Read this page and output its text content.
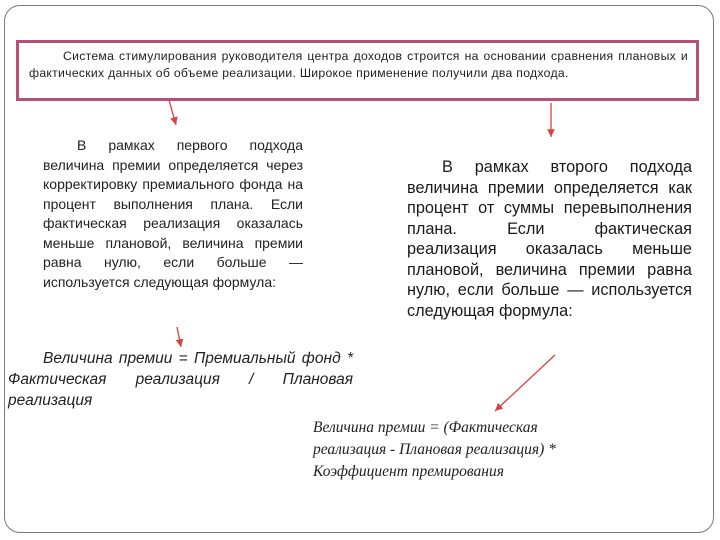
Система стимулирования руководителя центра доходов строится на основании сравнения плановых и фактических данных об объеме реализации. Широкое применение получили два подхода.

В рамках первого подхода величина премии определяется через корректировку премиального фонда на процент выполнения плана. Если фактическая реализация оказалась меньше плановой, величина премии равна нулю, если больше — используется следующая формула:

Величина премии = Премиальный фонд * Фактическая реализация / Плановая реализация

В рамках второго подхода величина премии определяется как процент от суммы перевыполнения плана. Если фактическая реализация оказалась меньше плановой, величина премии равна нулю, если больше — используется следующая формула:

Величина премии = (Фактическая реализация - Плановая реализация) * Коэффициент премирования
